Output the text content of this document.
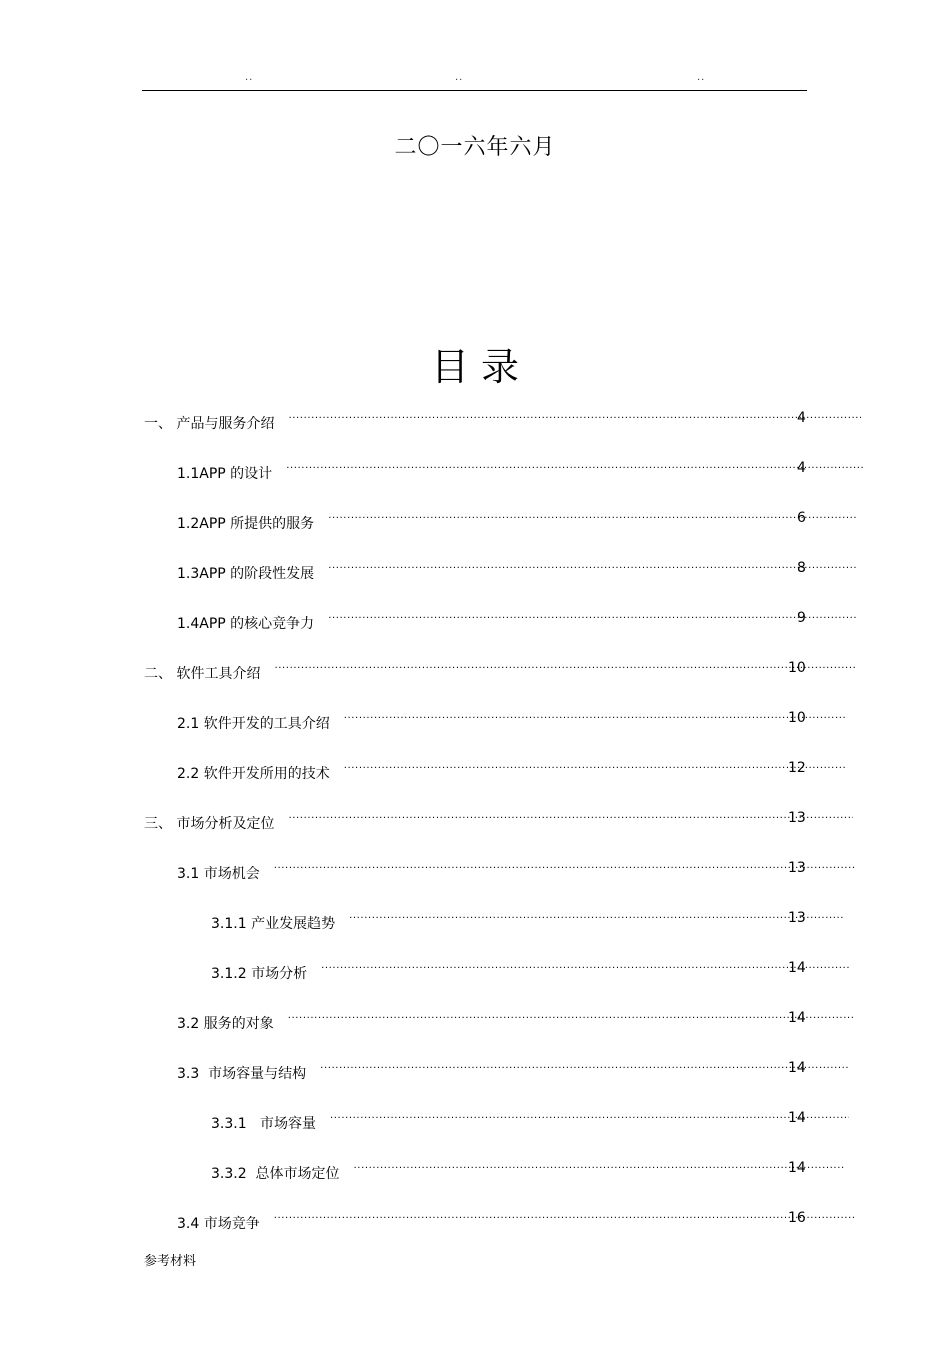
..	..	..
二〇一六年六月
目 录
一、 产品与服务介绍 .....	4
1.1APP 的设计 .....	4
1.2APP 所提供的服务 .....	6
1.3APP 的阶段性发展 .....	8
1.4APP 的核心竞争力 .....	9
二、 软件工具介绍 .....	10
2.1 软件开发的工具介绍 .....	10
2.2 软件开发所用的技术 .....	12
三、 市场分析及定位 .....	13
3.1 市场机会 .....	13
3.1.1 产业发展趋势 .....	13
3.1.2 市场分析 .....	14
3.2 服务的对象 .....	14
3.3  市场容量与结构 .....	14
3.3.1   市场容量 .....	14
3.3.2  总体市场定位 .....	14
3.4 市场竞争 .....	16
参考材料
